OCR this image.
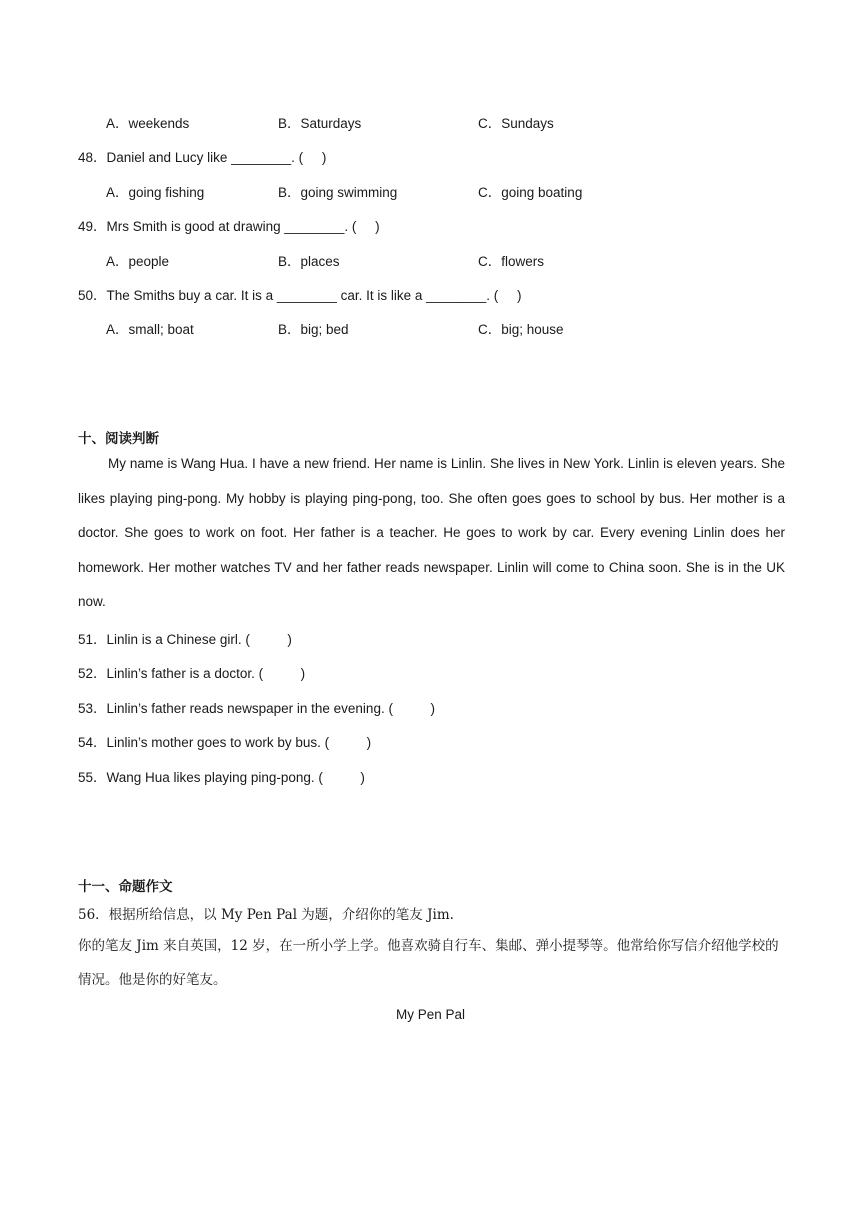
A．weekends	B．Saturdays	C．Sundays
48．Daniel and Lucy like ________. (     )
A．going fishing	B．going swimming	C．going boating
49．Mrs Smith is good at drawing ________. (     )
A．people	B．places	C．flowers
50．The Smiths buy a car. It is a ________ car. It is like a ________. (     )
A．small; boat	B．big; bed	C．big; house
十、阅读判断
My name is Wang Hua. I have a new friend. Her name is Linlin. She lives in New York. Linlin is eleven years. She likes playing ping-pong. My hobby is playing ping-pong, too. She often goes goes to school by bus. Her mother is a doctor. She goes to work on foot. Her father is a teacher. He goes to work by car. Every evening Linlin does her homework. Her mother watches TV and her father reads newspaper. Linlin will come to China soon. She is in the UK now.
51．Linlin is a Chinese girl. (          )
52．Linlin’s father is a doctor. (          )
53．Linlin’s father reads newspaper in the evening. (          )
54．Linlin’s mother goes to work by bus. (          )
55．Wang Hua likes playing ping-pong. (          )
十一、命题作文
56．根据所给信息，以 My Pen Pal 为题，介绍你的笔友 Jim.
你的笔友 Jim 来自英国，12 岁，在一所小学上学。他喜欢骑自行车、集邮、弹小提琴等。他常给你写信介绍他学校的情况。他是你的好笔友。
My Pen Pal
